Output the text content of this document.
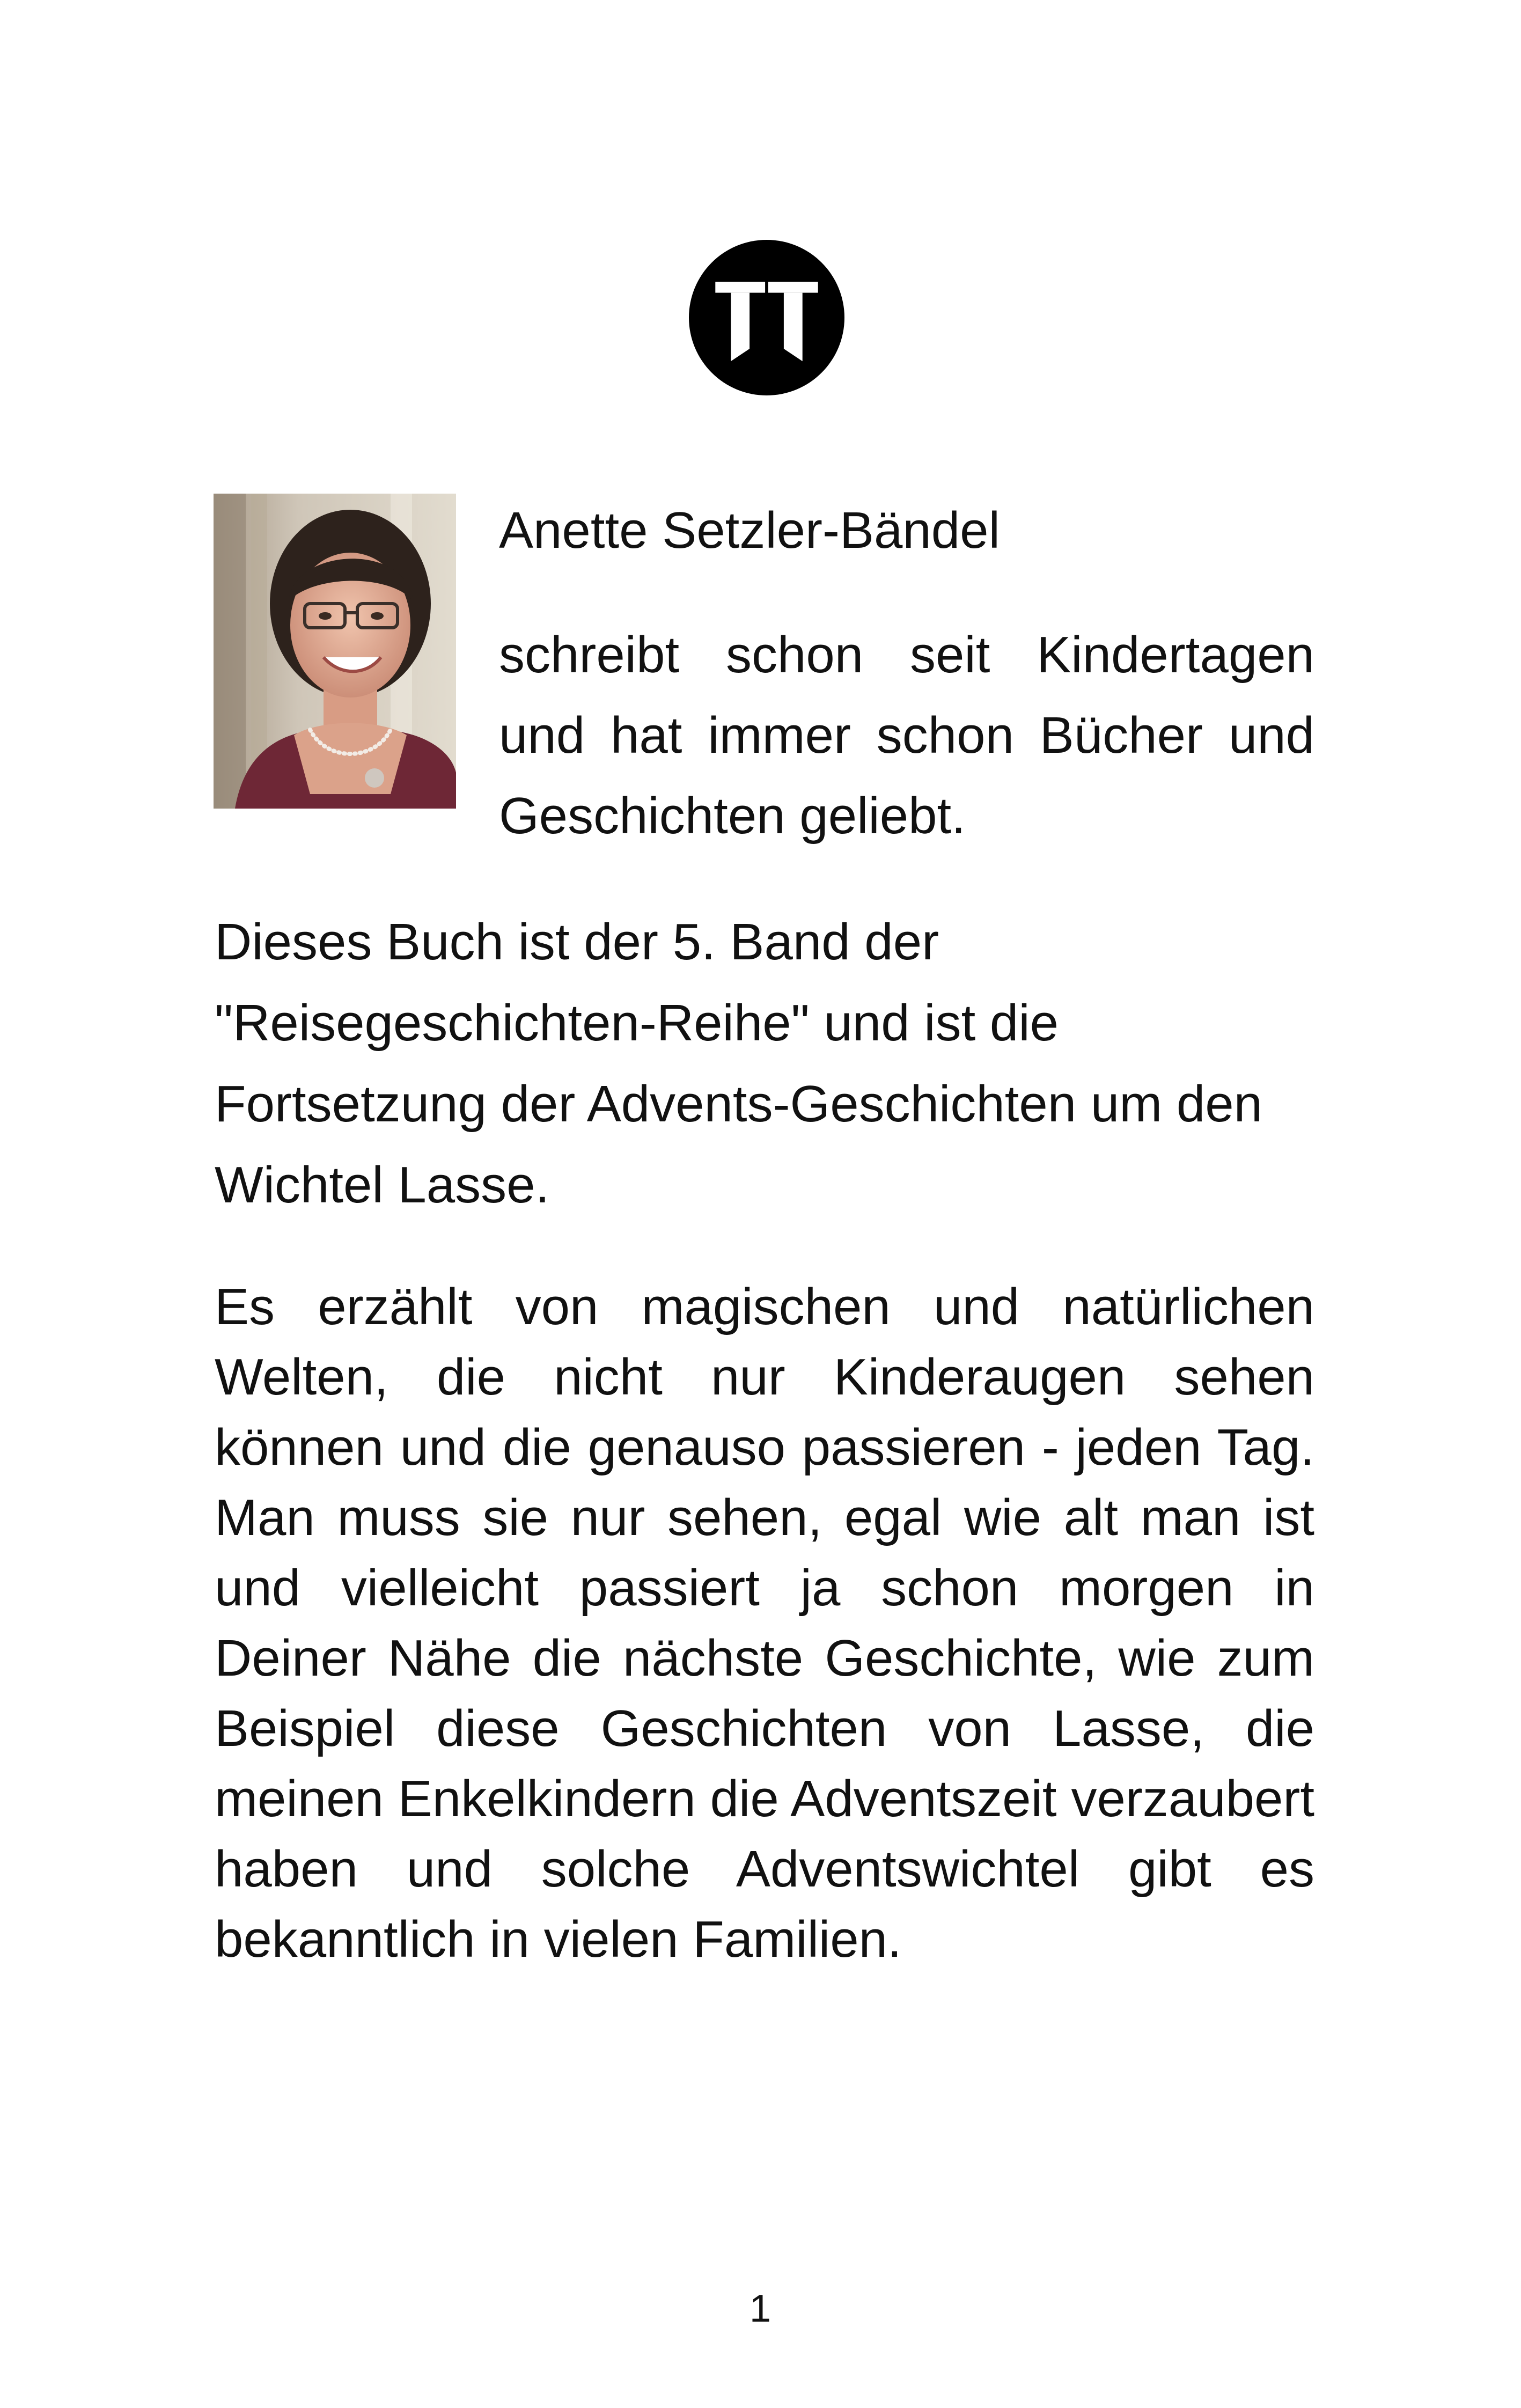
Anette Setzler-Bändel
schreibt schon seit Kindertagen und hat immer schon Bücher und Geschichten geliebt.
Dieses Buch ist der 5. Band der "Reisegeschichten-Reihe" und ist die Fortsetzung der Advents-Geschichten um den Wichtel Lasse.
Es erzählt von magischen und natürlichen Welten, die nicht nur Kinderaugen sehen können und die genauso passieren - jeden Tag. Man muss sie nur sehen, egal wie alt man ist und vielleicht passiert ja schon morgen in Deiner Nähe die nächste Geschichte, wie zum Beispiel diese Geschichten von Lasse, die meinen Enkelkindern die Adventszeit verzaubert haben und solche Adventswichtel gibt es bekanntlich in vielen Familien.
1
